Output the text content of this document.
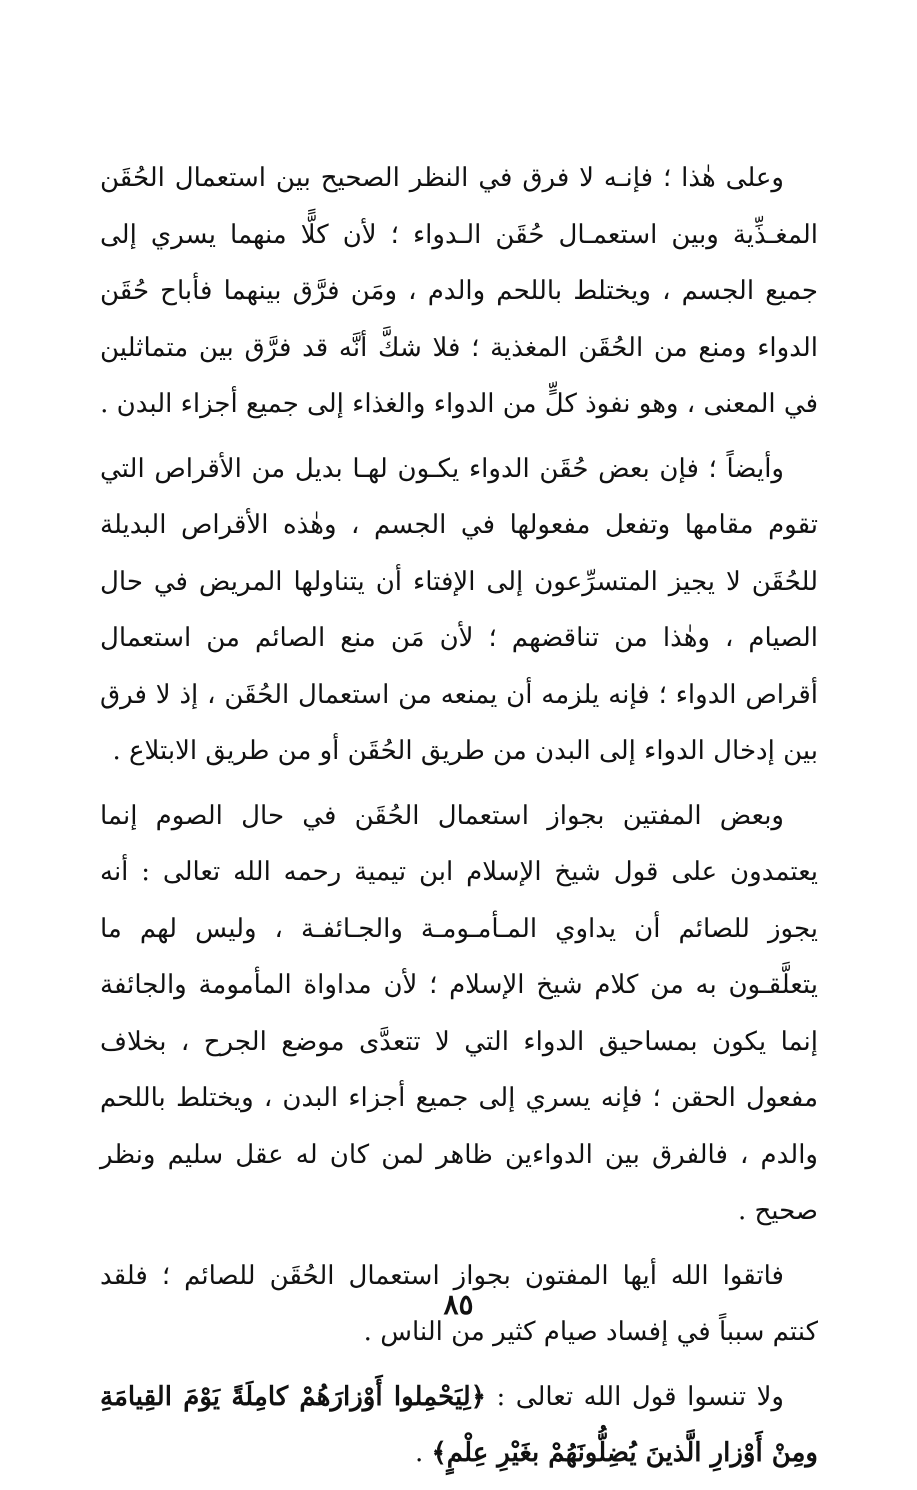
وعلى هٰذا ؛ فإنـه لا فرق في النظر الصحيح بين استعمال الحُقَن المغـذِّية وبين استعمـال حُقَن الـدواء ؛ لأن كلًّا منهما يسري إلى جميع الجسم ، ويختلط باللحم والدم ، ومَن فرَّق بينهما فأباح حُقَن الدواء ومنع من الحُقَن المغذية ؛ فلا شكَّ أنَّه قد فرَّق بين متماثلين في المعنى ، وهو نفوذ كلٍّ من الدواء والغذاء إلى جميع أجزاء البدن .

وأيضاً ؛ فإن بعض حُقَن الدواء يكـون لهـا بديل من الأقراص التي تقوم مقامها وتفعل مفعولها في الجسم ، وهٰذه الأقراص البديلة للحُقَن لا يجيز المتسرِّعون إلى الإفتاء أن يتناولها المريض في حال الصيام ، وهٰذا من تناقضهم ؛ لأن مَن منع الصائم من استعمال أقراص الدواء ؛ فإنه يلزمه أن يمنعه من استعمال الحُقَن ، إذ لا فرق بين إدخال الدواء إلى البدن من طريق الحُقَن أو من طريق الابتلاع .

وبعض المفتين بجواز استعمال الحُقَن في حال الصوم إنما يعتمدون على قول شيخ الإسلام ابن تيمية رحمه الله تعالى : أنه يجوز للصائم أن يداوي المـأمـومـة والجـائفـة ، وليس لهم ما يتعلَّقـون به من كلام شيخ الإسلام ؛ لأن مداواة المأمومة والجائفة إنما يكون بمساحيق الدواء التي لا تتعدَّى موضع الجرح ، بخلاف مفعول الحقن ؛ فإنه يسري إلى جميع أجزاء البدن ، ويختلط باللحم والدم ، فالفرق بين الدواءين ظاهر لمن كان له عقل سليم ونظر صحيح .

فاتقوا الله أيها المفتون بجواز استعمال الحُقَن للصائم ؛ فلقد كنتم سبباً في إفساد صيام كثير من الناس .

ولا تنسوا قول الله تعالى : ﴿لِيَحْمِلوا أَوْزارَهُمْ كامِلَةً يَوْمَ القِيامَةِ ومِنْ أَوْزارِ الَّذينَ يُضِلُّونَهُمْ بغَيْرِ عِلْمٍ﴾ .

٨٥
